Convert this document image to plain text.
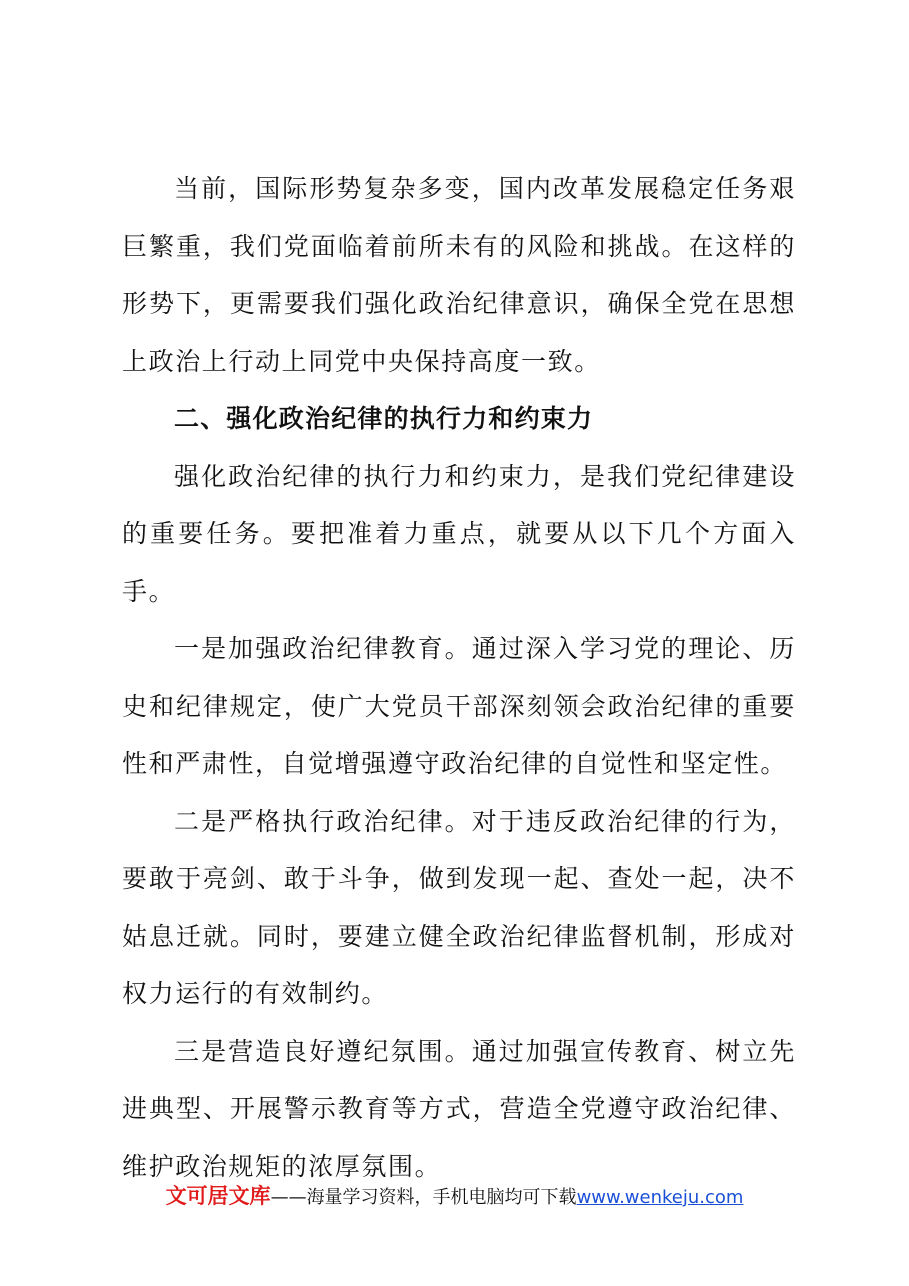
当前，国际形势复杂多变，国内改革发展稳定任务艰巨繁重，我们党面临着前所未有的风险和挑战。在这样的形势下，更需要我们强化政治纪律意识，确保全党在思想上政治上行动上同党中央保持高度一致。

二、强化政治纪律的执行力和约束力

强化政治纪律的执行力和约束力，是我们党纪律建设的重要任务。要把准着力重点，就要从以下几个方面入手。

一是加强政治纪律教育。通过深入学习党的理论、历史和纪律规定，使广大党员干部深刻领会政治纪律的重要性和严肃性，自觉增强遵守政治纪律的自觉性和坚定性。

二是严格执行政治纪律。对于违反政治纪律的行为，要敢于亮剑、敢于斗争，做到发现一起、查处一起，决不姑息迁就。同时，要建立健全政治纪律监督机制，形成对权力运行的有效制约。

三是营造良好遵纪氛围。通过加强宣传教育、树立先进典型、开展警示教育等方式，营造全党遵守政治纪律、维护政治规矩的浓厚氛围。

文可居文库——海量学习资料，手机电脑均可下载www.wenkeju.com
